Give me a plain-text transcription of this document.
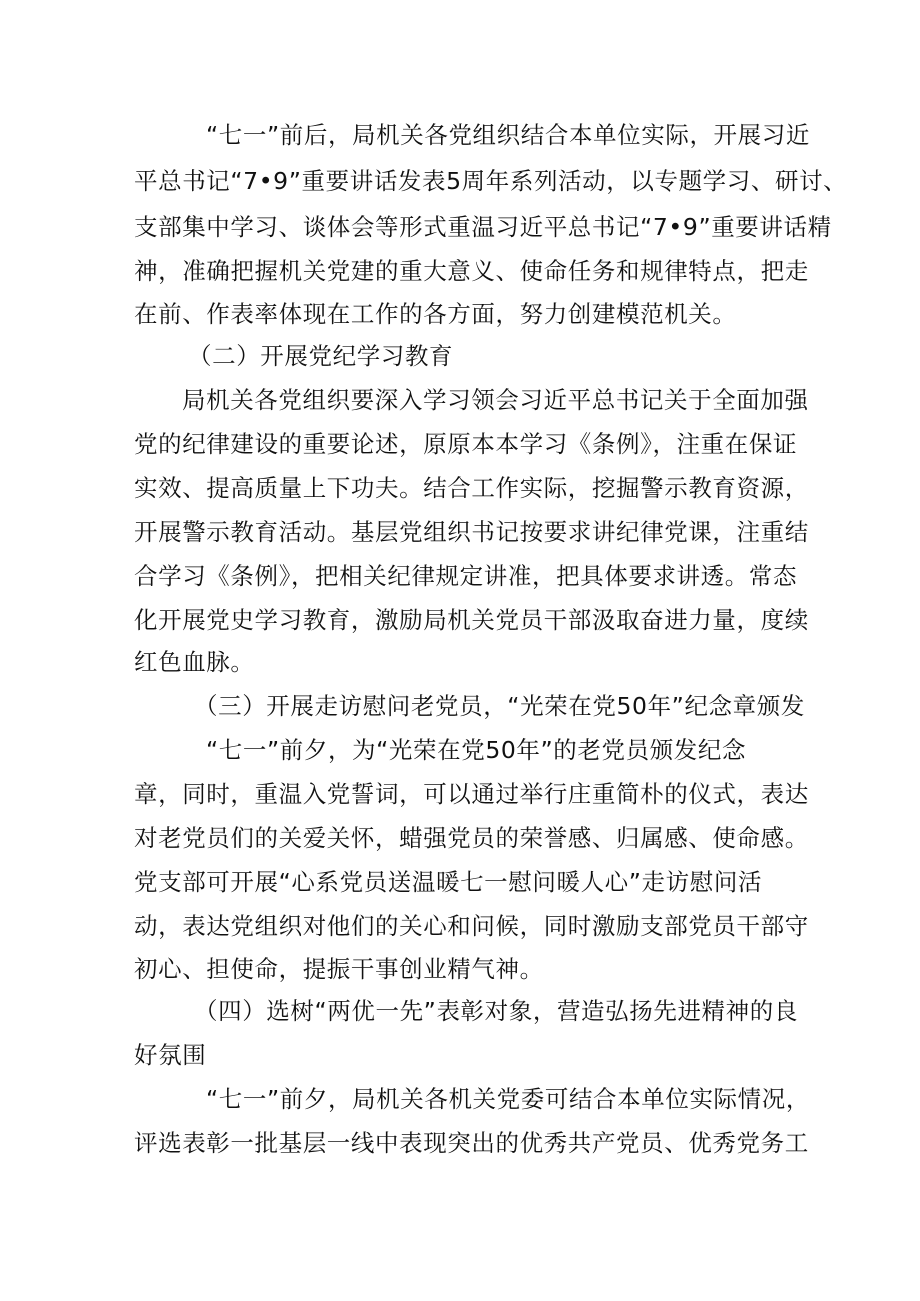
“七一”前后，局机关各党组织结合本单位实际，开展习近
平总书记“7•9”重要讲话发表5周年系列活动，以专题学习、研讨、
支部集中学习、谈体会等形式重温习近平总书记“7•9”重要讲话精
神，准确把握机关党建的重大意义、使命任务和规律特点，把走
在前、作表率体现在工作的各方面，努力创建模范机关。
（二）开展党纪学习教育
局机关各党组织要深入学习领会习近平总书记关于全面加强
党的纪律建设的重要论述，原原本本学习《条例》，注重在保证
实效、提高质量上下功夫。结合工作实际，挖掘警示教育资源，
开展警示教育活动。基层党组织书记按要求讲纪律党课，注重结
合学习《条例》，把相关纪律规定讲准，把具体要求讲透。常态
化开展党史学习教育，激励局机关党员干部汲取奋进力量，度续
红色血脉。
（三）开展走访慰问老党员，“光荣在党50年”纪念章颁发
“七一”前夕，为“光荣在党50年”的老党员颁发纪念
章，同时，重温入党誓词，可以通过举行庄重简朴的仪式，表达
对老党员们的关爱关怀，蜡强党员的荣誉感、归属感、使命感。
党支部可开展“心系党员送温暖七一慰问暖人心”走访慰问活
动，表达党组织对他们的关心和问候，同时激励支部党员干部守
初心、担使命，提振干事创业精气神。
（四）选树“两优一先”表彰对象，营造弘扬先进精神的良
好氛围
“七一”前夕，局机关各机关党委可结合本单位实际情况，
评选表彰一批基层一线中表现突出的优秀共产党员、优秀党务工
